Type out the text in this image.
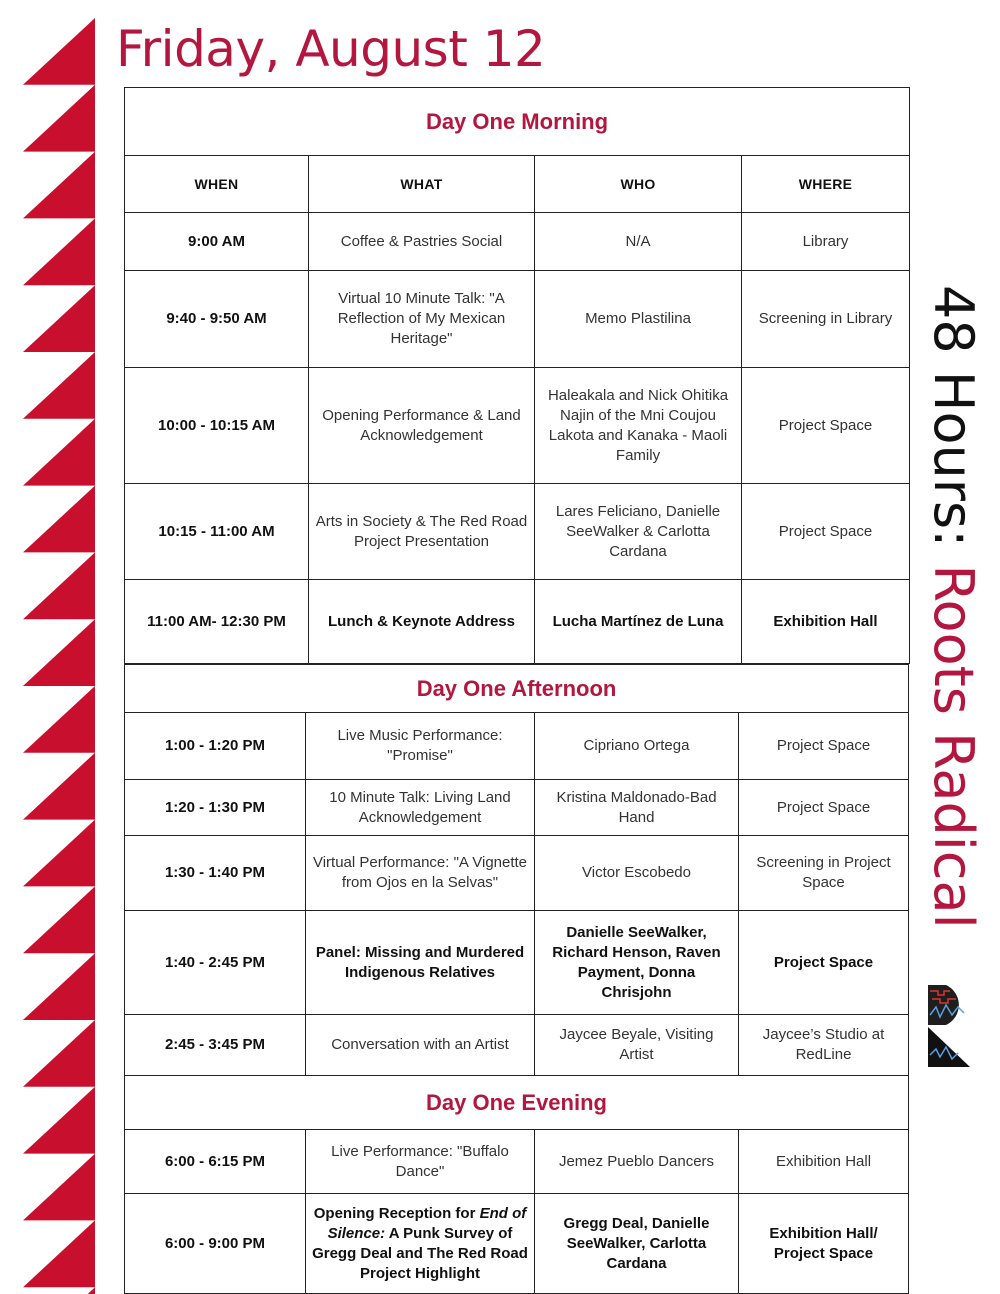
Friday, August 12
48 Hours: Roots Radical
Day One Morning			
WHEN	WHAT	WHO	WHERE
9:00 AM	Coffee & Pastries Social	N/A	Library
9:40 - 9:50 AM	Virtual 10 Minute Talk: "A Reflection of My Mexican Heritage"	Memo Plastilina	Screening in Library
10:00 - 10:15 AM	Opening Performance & Land Acknowledgement	Haleakala and Nick Ohitika Najin of the Mni Coujou Lakota and Kanaka - Maoli Family	Project Space
10:15 - 11:00 AM	Arts in Society & The Red Road Project Presentation	Lares Feliciano, Danielle SeeWalker & Carlotta Cardana	Project Space
11:00 AM- 12:30 PM	Lunch & Keynote Address	Lucha Martínez de Luna	Exhibition Hall
Day One Afternoon			
1:00 - 1:20 PM	Live Music Performance: "Promise"	Cipriano Ortega	Project Space
1:20 - 1:30 PM	10 Minute Talk: Living Land Acknowledgement	Kristina Maldonado-Bad Hand	Project Space
1:30 - 1:40 PM	Virtual Performance: "A Vignette from Ojos en la Selvas"	Victor Escobedo	Screening in Project Space
1:40 - 2:45 PM	Panel: Missing and Murdered Indigenous Relatives	Danielle SeeWalker, Richard Henson, Raven Payment, Donna Chrisjohn	Project Space
2:45 - 3:45 PM	Conversation with an Artist	Jaycee Beyale, Visiting Artist	Jaycee’s Studio at RedLine
Day One Evening			
6:00 - 6:15 PM	Live Performance: "Buffalo Dance"	Jemez Pueblo Dancers	Exhibition Hall
6:00 - 9:00 PM	Opening Reception for End of Silence: A Punk Survey of Gregg Deal and The Red Road Project Highlight	Gregg Deal, Danielle SeeWalker, Carlotta Cardana	Exhibition Hall/ Project Space
